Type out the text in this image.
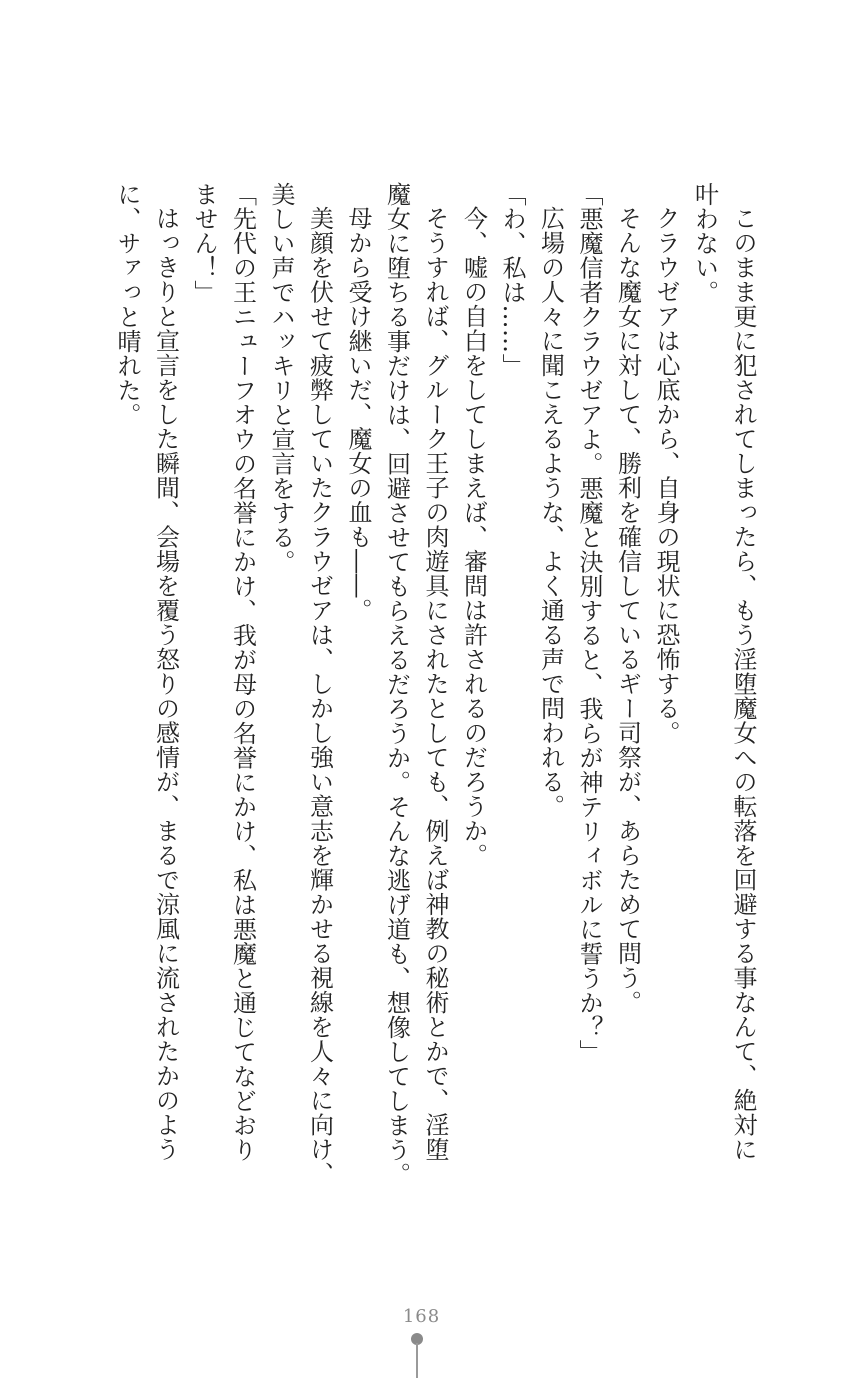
このまま更に犯されてしまったら、もう淫堕魔女への転落を回避する事なんて、絶対に
叶わない。
クラウゼアは心底から、自身の現状に恐怖する。
そんな魔女に対して、勝利を確信しているギー司祭が、あらためて問う。
「悪魔信者クラウゼアよ。悪魔と決別すると、我らが神テリィボルに誓うか？」
広場の人々に聞こえるような、よく通る声で問われる。
「わ、私は……」
今、嘘の自白をしてしまえば、審問は許されるのだろうか。
そうすれば、グルーク王子の肉遊具にされたとしても、例えば神教の秘術とかで、淫堕
魔女に堕ちる事だけは、回避させてもらえるだろうか。そんな逃げ道も、想像してしまう。
母から受け継いだ、魔女の血も――。
美顔を伏せて疲弊していたクラウゼアは、しかし強い意志を輝かせる視線を人々に向け、
美しい声でハッキリと宣言をする。
「先代の王ニューフオウの名誉にかけ、我が母の名誉にかけ、私は悪魔と通じてなどおり
ません！」
はっきりと宣言をした瞬間、会場を覆う怒りの感情が、まるで涼風に流されたかのよう
に、サァっと晴れた。
168
